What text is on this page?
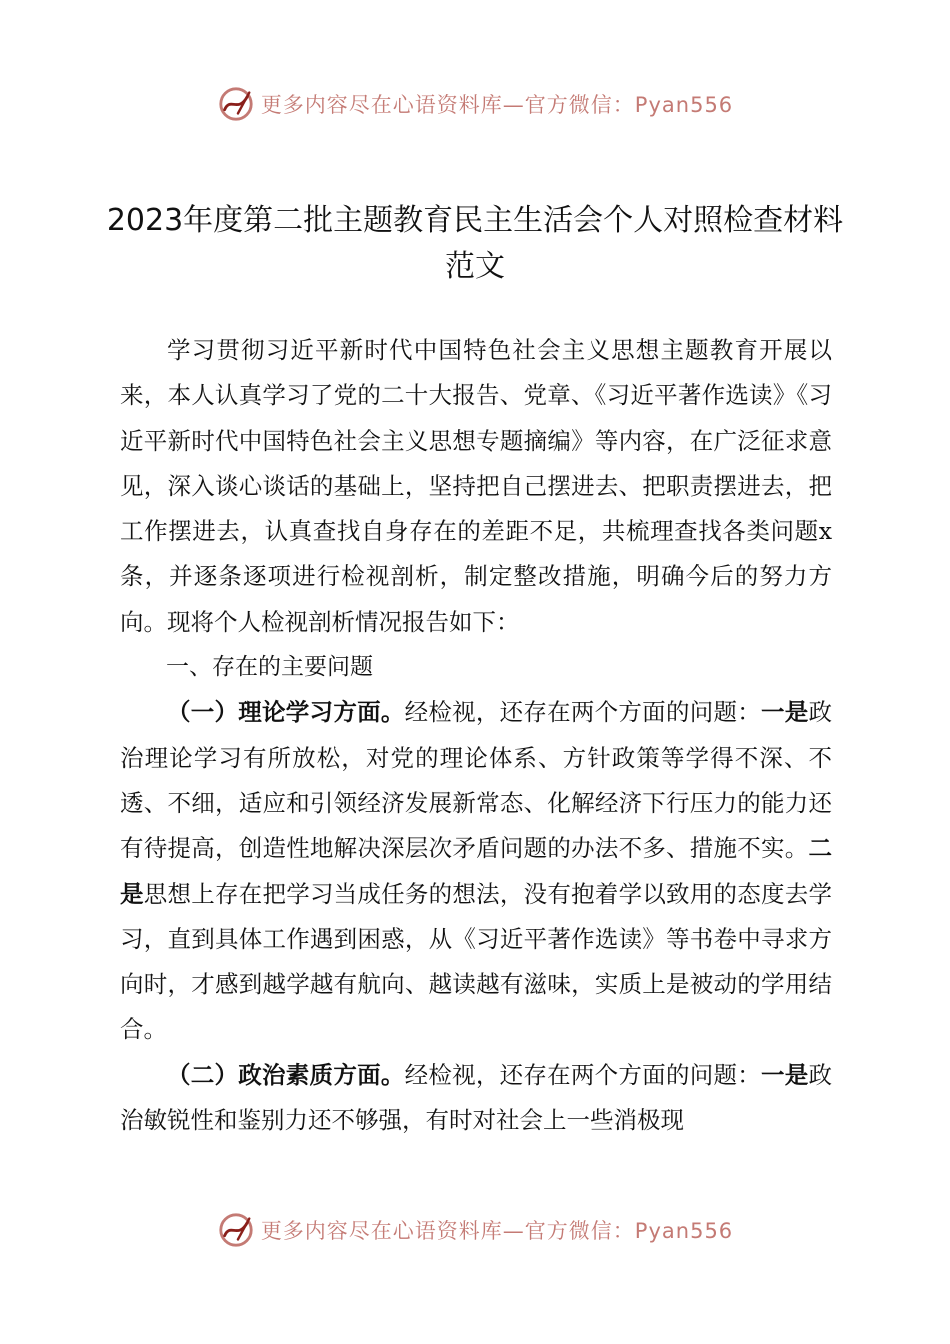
更多内容尽在心语资料库—官方微信：Pyan556
2023年度第二批主题教育民主生活会个人对照检查材料范文

学习贯彻习近平新时代中国特色社会主义思想主题教育开展以来，本人认真学习了党的二十大报告、党章、《习近平著作选读》《习近平新时代中国特色社会主义思想专题摘编》等内容，在广泛征求意见，深入谈心谈话的基础上，坚持把自己摆进去、把职责摆进去，把工作摆进去，认真查找自身存在的差距不足，共梳理查找各类问题x条，并逐条逐项进行检视剖析，制定整改措施，明确今后的努力方向。现将个人检视剖析情况报告如下：

一、存在的主要问题

（一）理论学习方面。经检视，还存在两个方面的问题：一是政治理论学习有所放松，对党的理论体系、方针政策等学得不深、不透、不细，适应和引领经济发展新常态、化解经济下行压力的能力还有待提高，创造性地解决深层次矛盾问题的办法不多、措施不实。二是思想上存在把学习当成任务的想法，没有抱着学以致用的态度去学习，直到具体工作遇到困惑，从《习近平著作选读》等书卷中寻求方向时，才感到越学越有航向、越读越有滋味，实质上是被动的学用结合。

（二）政治素质方面。经检视，还存在两个方面的问题：一是政治敏锐性和鉴别力还不够强，有时对社会上一些消极现

更多内容尽在心语资料库—官方微信：Pyan556
